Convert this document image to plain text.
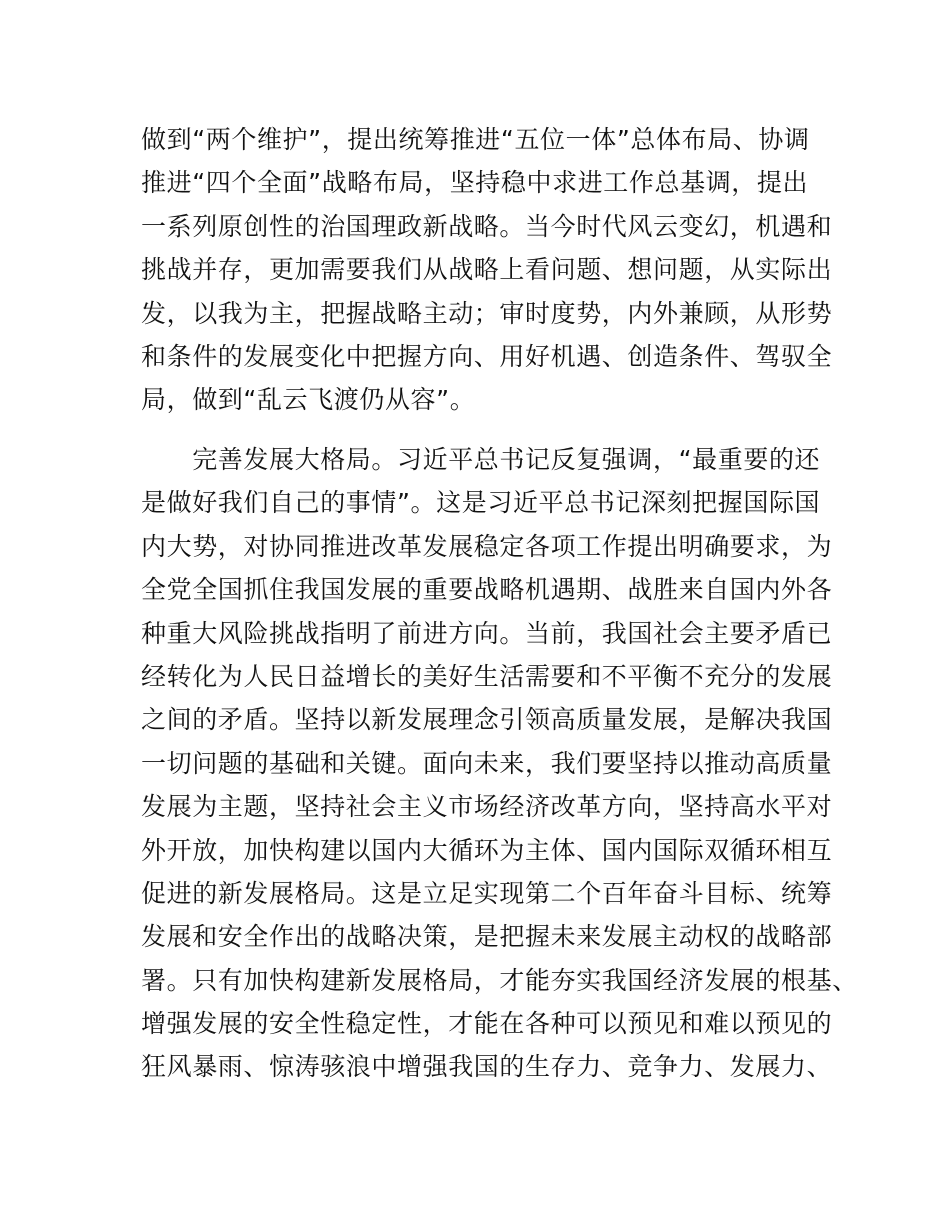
做到“两个维护”，提出统筹推进“五位一体”总体布局、协调
推进“四个全面”战略布局，坚持稳中求进工作总基调，提出
一系列原创性的治国理政新战略。当今时代风云变幻，机遇和
挑战并存，更加需要我们从战略上看问题、想问题，从实际出
发，以我为主，把握战略主动；审时度势，内外兼顾，从形势
和条件的发展变化中把握方向、用好机遇、创造条件、驾驭全
局，做到“乱云飞渡仍从容”。
　　完善发展大格局。习近平总书记反复强调，“最重要的还
是做好我们自己的事情”。这是习近平总书记深刻把握国际国
内大势，对协同推进改革发展稳定各项工作提出明确要求，为
全党全国抓住我国发展的重要战略机遇期、战胜来自国内外各
种重大风险挑战指明了前进方向。当前，我国社会主要矛盾已
经转化为人民日益增长的美好生活需要和不平衡不充分的发展
之间的矛盾。坚持以新发展理念引领高质量发展，是解决我国
一切问题的基础和关键。面向未来，我们要坚持以推动高质量
发展为主题，坚持社会主义市场经济改革方向，坚持高水平对
外开放，加快构建以国内大循环为主体、国内国际双循环相互
促进的新发展格局。这是立足实现第二个百年奋斗目标、统筹
发展和安全作出的战略决策，是把握未来发展主动权的战略部
署。只有加快构建新发展格局，才能夯实我国经济发展的根基、
增强发展的安全性稳定性，才能在各种可以预见和难以预见的
狂风暴雨、惊涛骇浪中增强我国的生存力、竞争力、发展力、
